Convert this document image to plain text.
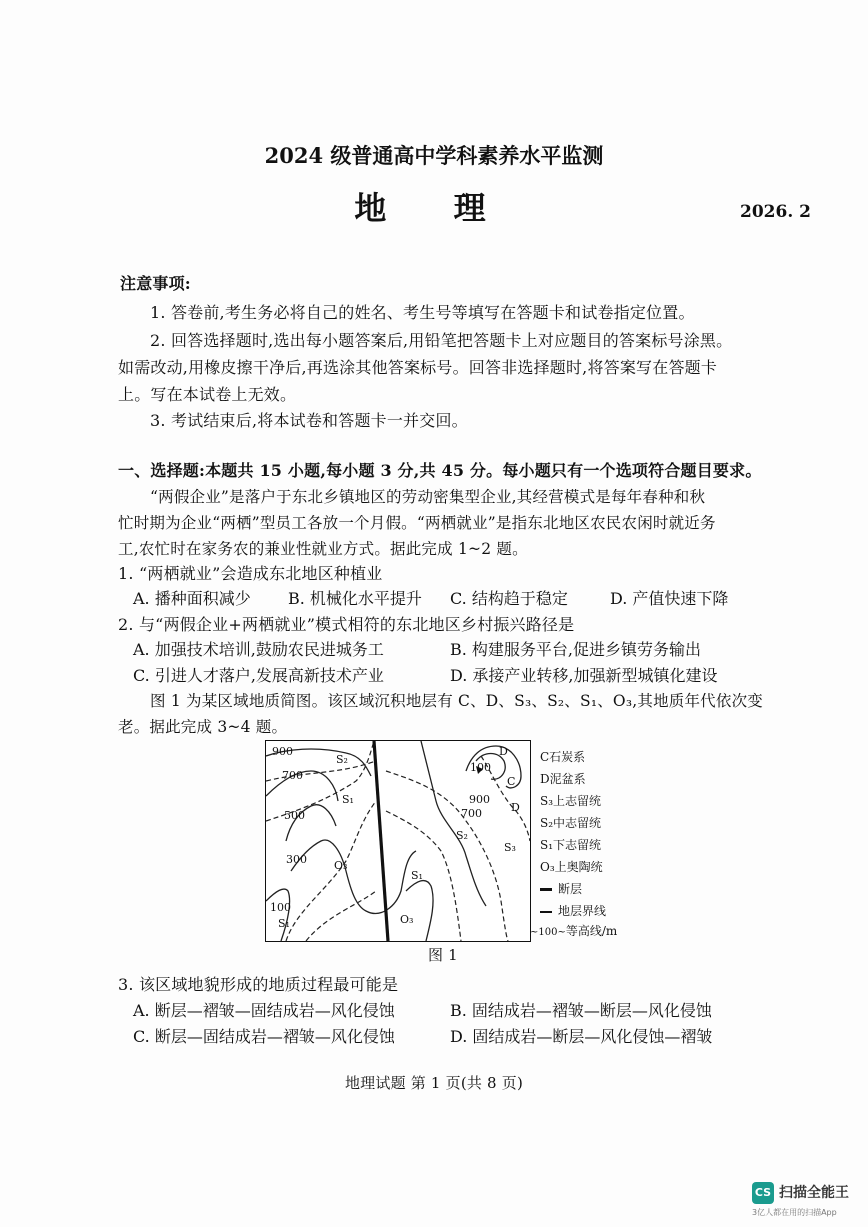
2024 级普通高中学科素养水平监测
地 理	2026. 2
注意事项:
1. 答卷前,考生务必将自己的姓名、考生号等填写在答题卡和试卷指定位置。
2. 回答选择题时,选出每小题答案后,用铅笔把答题卡上对应题目的答案标号涂黑。
如需改动,用橡皮擦干净后,再选涂其他答案标号。回答非选择题时,将答案写在答题卡
上。写在本试卷上无效。
3. 考试结束后,将本试卷和答题卡一并交回。
一、选择题:本题共 15 小题,每小题 3 分,共 45 分。每小题只有一个选项符合题目要求。
“两假企业”是落户于东北乡镇地区的劳动密集型企业,其经营模式是每年春种和秋
忙时期为企业“两栖”型员工各放一个月假。“两栖就业”是指东北地区农民农闲时就近务
工,农忙时在家务农的兼业性就业方式。据此完成 1~2 题。
1. “两栖就业”会造成东北地区种植业
A. 播种面积减少 B. 机械化水平提升 C. 结构趋于稳定	D. 产值快速下降
2. 与“两假企业+两栖就业”模式相符的东北地区乡村振兴路径是
A. 加强技术培训,鼓励农民进城务工	B. 构建服务平台,促进乡镇劳务输出
C. 引进人才落户,发展高新技术产业	D. 承接产业转移,加强新型城镇化建设
图 1 为某区域地质简图。该区域沉积地层有 C、D、S₃、S₂、S₁、O₃,其地质年代依次变
老。据此完成 3~4 题。
900
700
500
300
100
100
900
700
S₂
S₁
O₃
S₁
S₂
S₃
S₁	O₃
D
C
D
C石炭系
D泥盆系
S₃上志留统
S₂中志留统
S₁下志留统
O₃上奥陶统
断层
地层界线
~100~等高线/m
图 1
3. 该区域地貌形成的地质过程最可能是
A. 断层—褶皱—固结成岩—风化侵蚀	B. 固结成岩—褶皱—断层—风化侵蚀
C. 断层—固结成岩—褶皱—风化侵蚀	D. 固结成岩—断层—风化侵蚀—褶皱
地理试题 第 1 页(共 8 页)
CS 扫描全能王
3亿人都在用的扫描App
